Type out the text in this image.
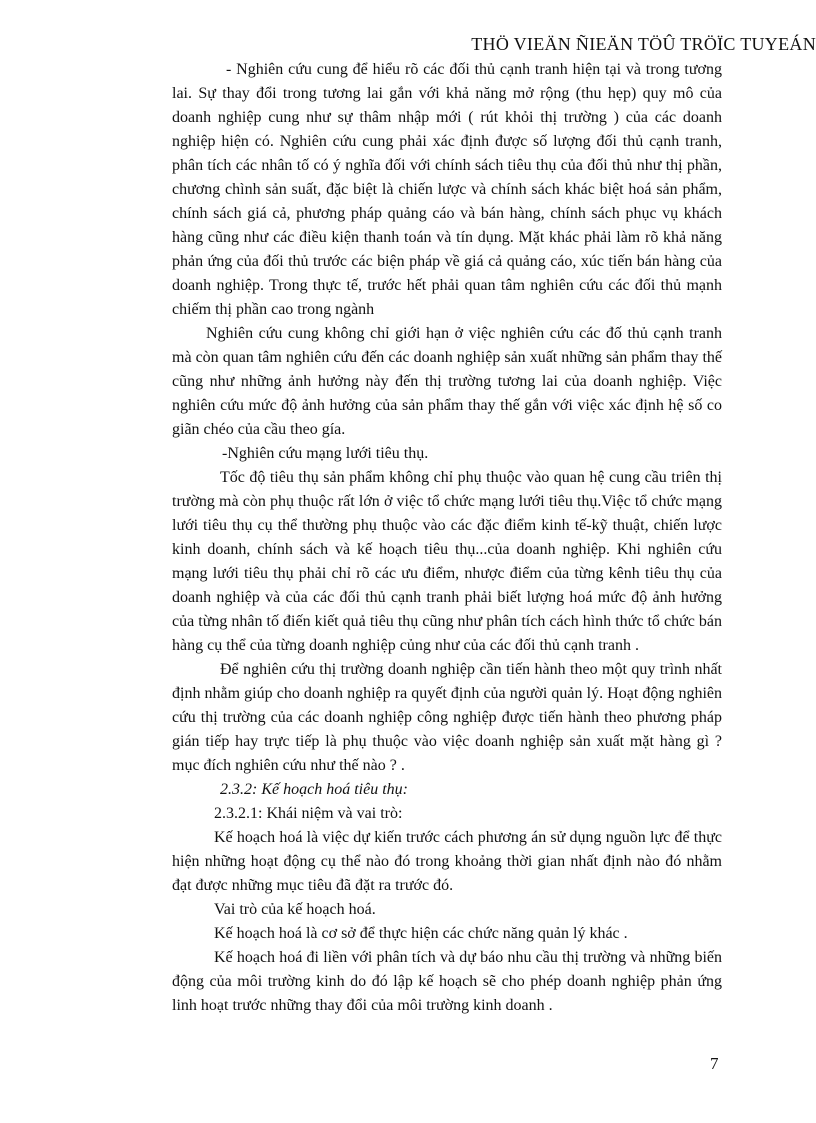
THÖ VIEÄN ÑIEÄN TÖÛ TRÖÏC TUYEÁN

- Nghiên cứu cung để hiểu rõ các đối thủ cạnh tranh hiện tại và trong tương lai. Sự thay đổi trong tương lai gắn với khả năng mở rộng (thu hẹp) quy mô của doanh nghiệp cung như sự thâm nhập mới ( rút khỏi thị trường ) của các doanh nghiệp hiện có. Nghiên cứu cung phải xác định được số lượng đối thủ cạnh tranh, phân tích các nhân tố có ý nghĩa đối với chính sách tiêu thụ của đối thủ như thị phần, chương chình sản suất, đặc biệt là chiến lược và chính sách khác biệt hoá sản phẩm, chính sách giá cả, phương pháp quảng cáo và bán hàng, chính sách phục vụ khách hàng cũng như các điều kiện thanh toán và tín dụng. Mặt khác phải làm rõ khả năng phản ứng của đối thủ trước các biện pháp về giá cả quảng cáo, xúc tiến bán hàng của doanh nghiệp. Trong thực tế, trước hết phải quan tâm nghiên cứu các đối thủ mạnh chiếm thị phần cao trong ngành

Nghiên cứu cung không chỉ giới hạn ở việc nghiên cứu các đố thủ cạnh tranh mà còn quan tâm nghiên cứu đến các doanh nghiệp sản xuất những sản phẩm thay thế cũng như những ảnh hưởng này đến thị trường tương lai của doanh nghiệp. Việc nghiên cứu mức độ ảnh hưởng của sản phẩm thay thế gắn với việc xác định hệ số co giãn chéo của cầu theo gía.

-Nghiên cứu mạng lưới tiêu thụ.

Tốc độ tiêu thụ sản phẩm không chỉ phụ thuộc vào quan hệ cung cầu triên thị trường mà còn phụ thuộc rất lớn ở việc tổ chức mạng lưới tiêu thụ.Việc tổ chức mạng lưới tiêu thụ cụ thể thường phụ thuộc vào các đặc điểm kinh tế-kỹ thuật, chiến lược kinh doanh, chính sách và kế hoạch tiêu thụ...của doanh nghiệp. Khi nghiên cứu mạng lưới tiêu thụ phải chỉ rõ các ưu điểm, nhược điểm của từng kênh tiêu thụ của doanh nghiệp và của các đối thủ cạnh tranh phải biết lượng hoá mức độ ảnh hưởng của từng nhân tố điến kiết quả tiêu thụ cũng như phân tích cách hình thức tổ chức bán hàng cụ thể của từng doanh nghiệp củng như của các đối thủ cạnh tranh .

Để nghiên cứu thị trường doanh nghiệp cần tiến hành theo một quy trình nhất định nhằm giúp cho doanh nghiệp ra quyết định của người quản lý. Hoạt động nghiên cứu thị trường của các doanh nghiệp công nghiệp được tiến hành theo phương pháp gián tiếp hay trực tiếp là phụ thuộc vào việc doanh nghiệp sản xuất mặt hàng gì ? mục đích nghiên cứu như thế nào ? .

2.3.2: Kế hoạch hoá tiêu thụ:

2.3.2.1: Khái niệm và vai trò:

Kế hoạch hoá là việc dự kiến trước cách phương án sử dụng nguồn lực để thực hiện những hoạt động cụ thể nào đó trong khoảng thời gian nhất định nào đó nhằm đạt được những mục tiêu đã đặt ra trước đó.

Vai trò của kế hoạch hoá.

Kế hoạch hoá là cơ sở để thực hiện các chức năng quản lý khác .

Kế hoạch hoá đi liền với phân tích và dự báo nhu cầu thị trường và những biến động của môi trường kinh do đó lập kế hoạch sẽ cho phép doanh nghiệp phản ứng linh hoạt trước những thay đổi của môi trường kinh doanh .

7
